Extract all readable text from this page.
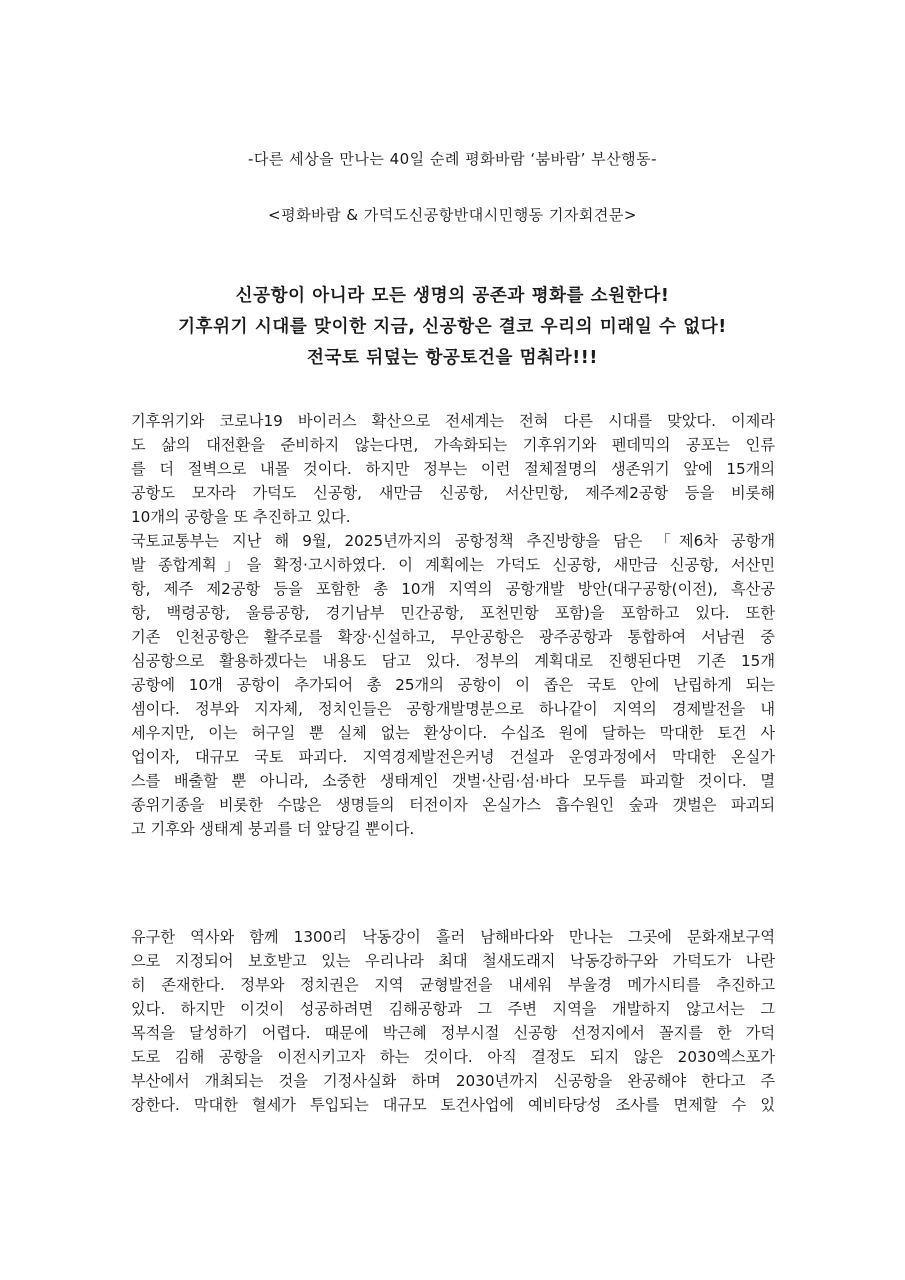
-다른 세상을 만나는 40일 순례 평화바람 ‘붐바람’ 부산행동-
<평화바람 & 가덕도신공항반대시민행동 기자회견문>
신공항이 아니라 모든 생명의 공존과 평화를 소원한다!
기후위기 시대를 맞이한 지금, 신공항은 결코 우리의 미래일 수 없다!
전국토 뒤덮는 항공토건을 멈춰라!!!
기후위기와 코로나19 바이러스 확산으로 전세계는 전혀 다른 시대를 맞았다. 이제라
도 삶의 대전환을 준비하지 않는다면, 가속화되는 기후위기와 펜데믹의 공포는 인류
를 더 절벽으로 내몰 것이다. 하지만 정부는 이런 절체절명의 생존위기 앞에 15개의
공항도 모자라 가덕도 신공항, 새만금 신공항, 서산민항, 제주제2공항 등을 비롯해
10개의 공항을 또 추진하고 있다.
국토교통부는 지난 해 9월, 2025년까지의 공항정책 추진방향을 담은 「제6차 공항개
발 종합계획」을 확정·고시하였다. 이 계획에는 가덕도 신공항, 새만금 신공항, 서산민
항, 제주 제2공항 등을 포함한 총 10개 지역의 공항개발 방안(대구공항(이전), 흑산공
항, 백령공항, 울릉공항, 경기남부 민간공항, 포천민항 포함)을 포함하고 있다. 또한
기존 인천공항은 활주로를 확장·신설하고, 무안공항은 광주공항과 통합하여 서남권 중
심공항으로 활용하겠다는 내용도 담고 있다. 정부의 계획대로 진행된다면 기존 15개
공항에 10개 공항이 추가되어 총 25개의 공항이 이 좁은 국토 안에 난립하게 되는
셈이다. 정부와 지자체, 정치인들은 공항개발명분으로 하나같이 지역의 경제발전을 내
세우지만, 이는 허구일 뿐 실체 없는 환상이다. 수십조 원에 달하는 막대한 토건 사
업이자, 대규모 국토 파괴다. 지역경제발전은커녕 건설과 운영과정에서 막대한 온실가
스를 배출할 뿐 아니라, 소중한 생태계인 갯벌·산림·섬·바다 모두를 파괴할 것이다. 멸
종위기종을 비롯한 수많은 생명들의 터전이자 온실가스 흡수원인 숲과 갯벌은 파괴되
고 기후와 생태계 붕괴를 더 앞당길 뿐이다.
유구한 역사와 함께 1300리 낙동강이 흘러 남해바다와 만나는 그곳에 문화재보구역
으로 지정되어 보호받고 있는 우리나라 최대 철새도래지 낙동강하구와 가덕도가 나란
히 존재한다. 정부와 정치권은 지역 균형발전을 내세워 부울경 메가시티를 추진하고
있다. 하지만 이것이 성공하려면 김해공항과 그 주변 지역을 개발하지 않고서는 그
목적을 달성하기 어렵다. 때문에 박근혜 정부시절 신공항 선정지에서 꼴지를 한 가덕
도로 김해 공항을 이전시키고자 하는 것이다. 아직 결정도 되지 않은 2030엑스포가
부산에서 개최되는 것을 기정사실화 하며 2030년까지 신공항을 완공해야 한다고 주
장한다. 막대한 혈세가 투입되는 대규모 토건사업에 예비타당성 조사를 면제할 수 있
